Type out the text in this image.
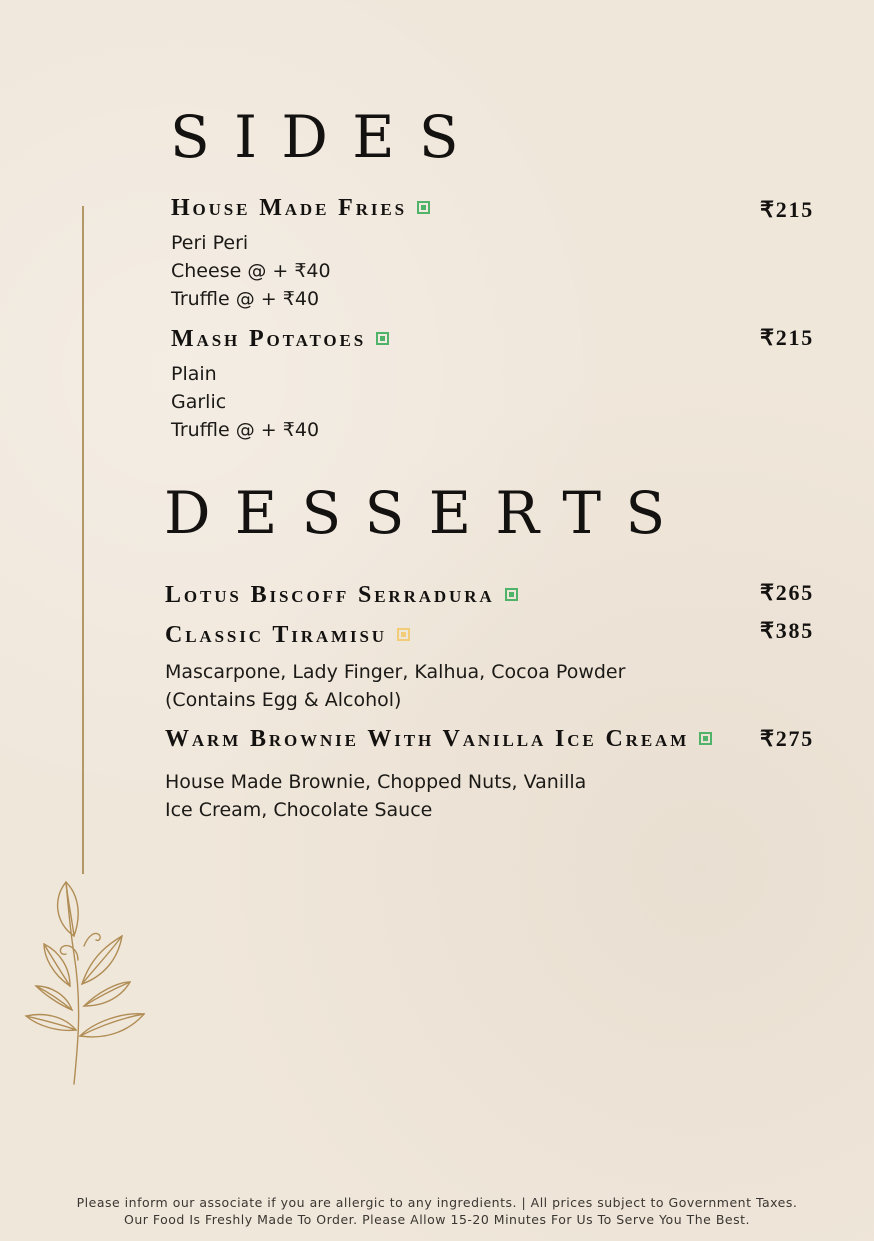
SIDES
House Made Fries	₹215
Peri Peri
Cheese @ + ₹40
Truffle @ + ₹40
Mash Potatoes	₹215
Plain
Garlic
Truffle @ + ₹40
DESSERTS
Lotus Biscoff Serradura	₹265
Classic Tiramisu	₹385
Mascarpone, Lady Finger, Kalhua, Cocoa Powder
(Contains Egg & Alcohol)
Warm Brownie With Vanilla Ice Cream	₹275
House Made Brownie, Chopped Nuts, Vanilla
Ice Cream, Chocolate Sauce

Please inform our associate if you are allergic to any ingredients. | All prices subject to Government Taxes.

Our Food Is Freshly Made To Order. Please Allow 15-20 Minutes For Us To Serve You The Best.
